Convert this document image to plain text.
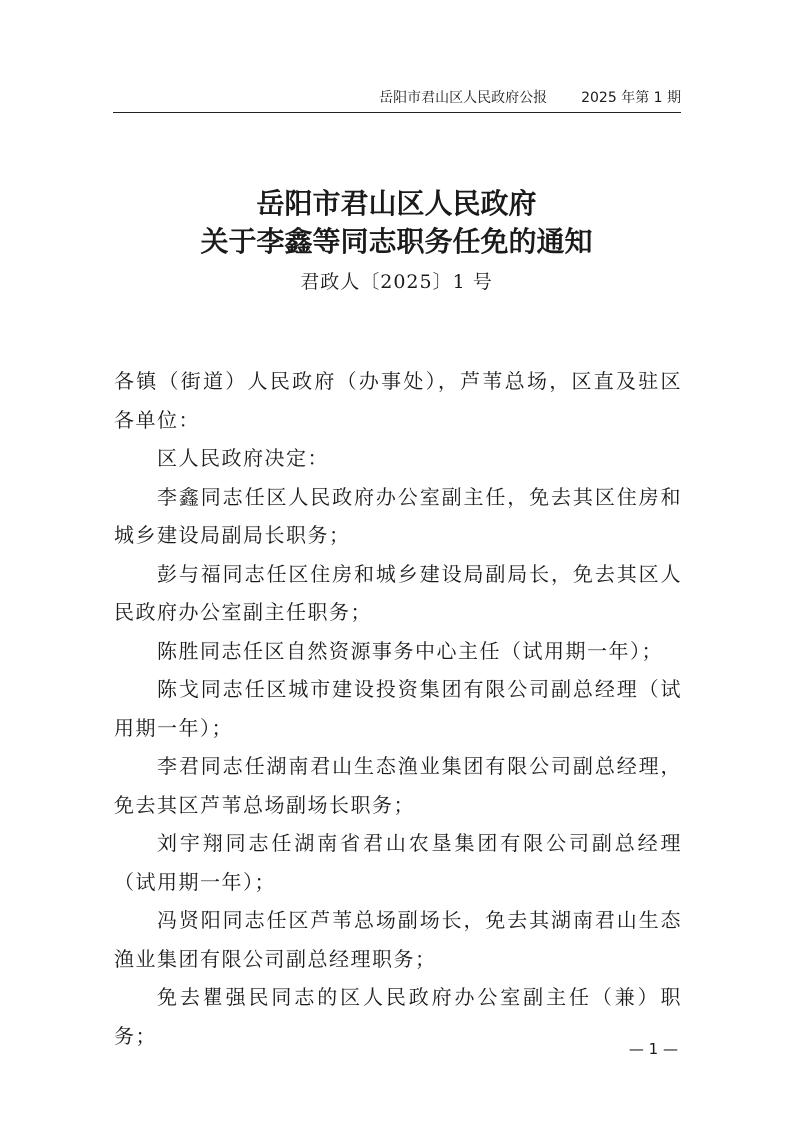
岳阳市君山区人民政府公报 2025 年第 1 期
岳阳市君山区人民政府
关于李鑫等同志职务任免的通知
君政人〔2025〕1 号

各镇（街道）人民政府（办事处），芦苇总场，区直及驻区各单位：

区人民政府决定：

李鑫同志任区人民政府办公室副主任，免去其区住房和城乡建设局副局长职务；

彭与福同志任区住房和城乡建设局副局长，免去其区人民政府办公室副主任职务；

陈胜同志任区自然资源事务中心主任（试用期一年）；

陈戈同志任区城市建设投资集团有限公司副总经理（试用期一年）；

李君同志任湖南君山生态渔业集团有限公司副总经理，免去其区芦苇总场副场长职务；

刘宇翔同志任湖南省君山农垦集团有限公司副总经理（试用期一年）；

冯贤阳同志任区芦苇总场副场长，免去其湖南君山生态渔业集团有限公司副总经理职务；

免去瞿强民同志的区人民政府办公室副主任（兼）职务；

— 1 —
